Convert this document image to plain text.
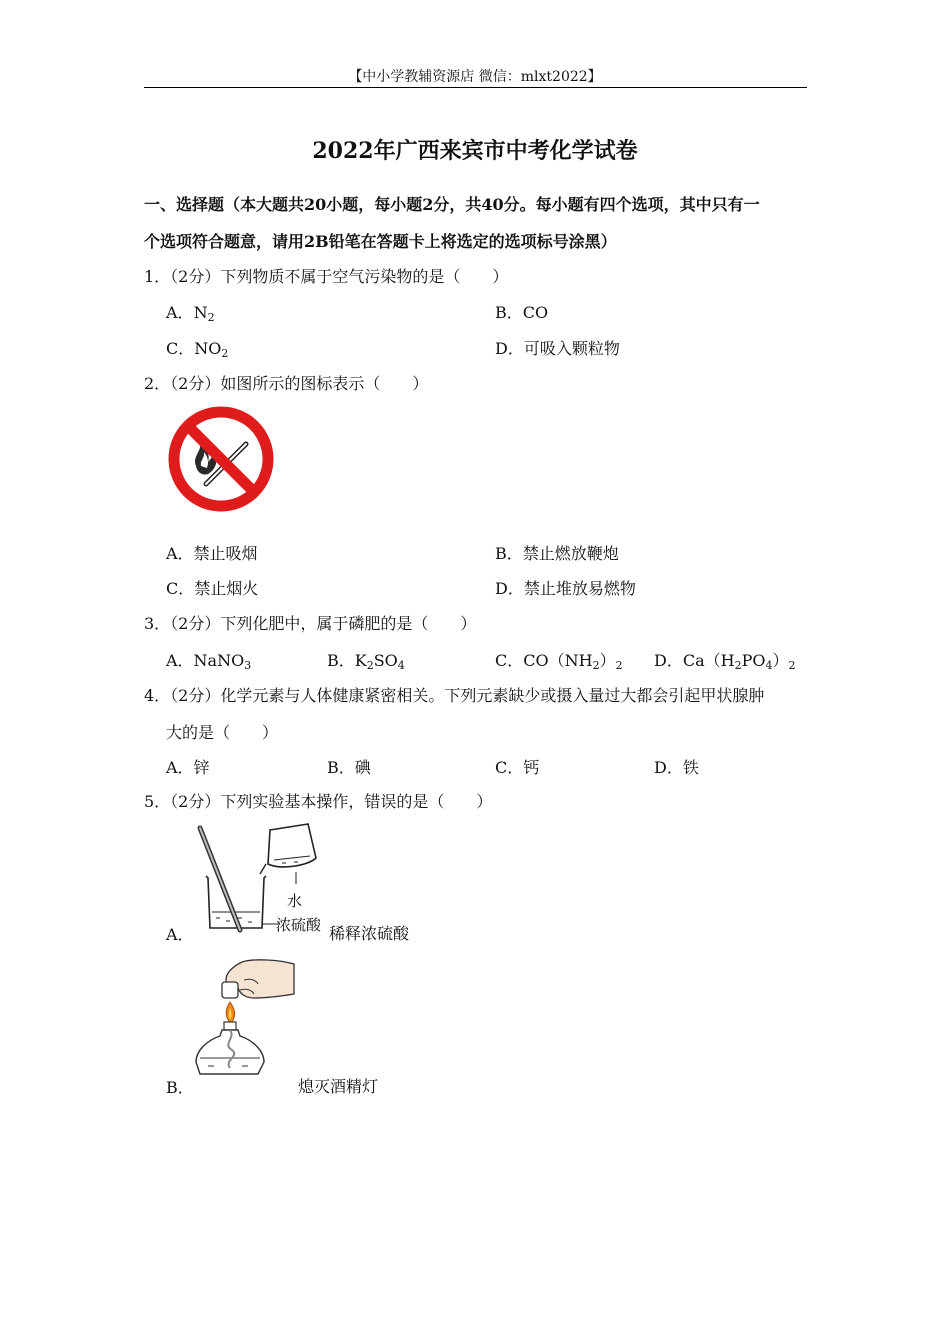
【中小学教辅资源店 微信：mlxt2022】
2022年广西来宾市中考化学试卷
一、选择题（本大题共20小题，每小题2分，共40分。每小题有四个选项，其中只有一
个选项符合题意，请用2B铅笔在答题卡上将选定的选项标号涂黑）
1．（2分）下列物质不属于空气污染物的是（　　）
A．$N_2$	B．CO
C．$NO_2$	D．可吸入颗粒物
2．（2分）如图所示的图标表示（　　）
A．禁止吸烟	B．禁止燃放鞭炮
C．禁止烟火	D．禁止堆放易燃物
3．（2分）下列化肥中，属于磷肥的是（　　）
A．NaNO$_3$	B．$K_2SO_4$	C．$CO(NH_2)_2$ D．$Ca(H_2PO_4)_2$
4．（2分）化学元素与人体健康紧密相关。下列元素缺少或摄入量过大都会引起甲状腺肿
大的是（　　）
A．锌	B．碘	C．钙	D．铁
5．（2分）下列实验基本操作，错误的是（　　）
水
浓硫酸
A．	稀释浓硫酸
B．	熄灭酒精灯
